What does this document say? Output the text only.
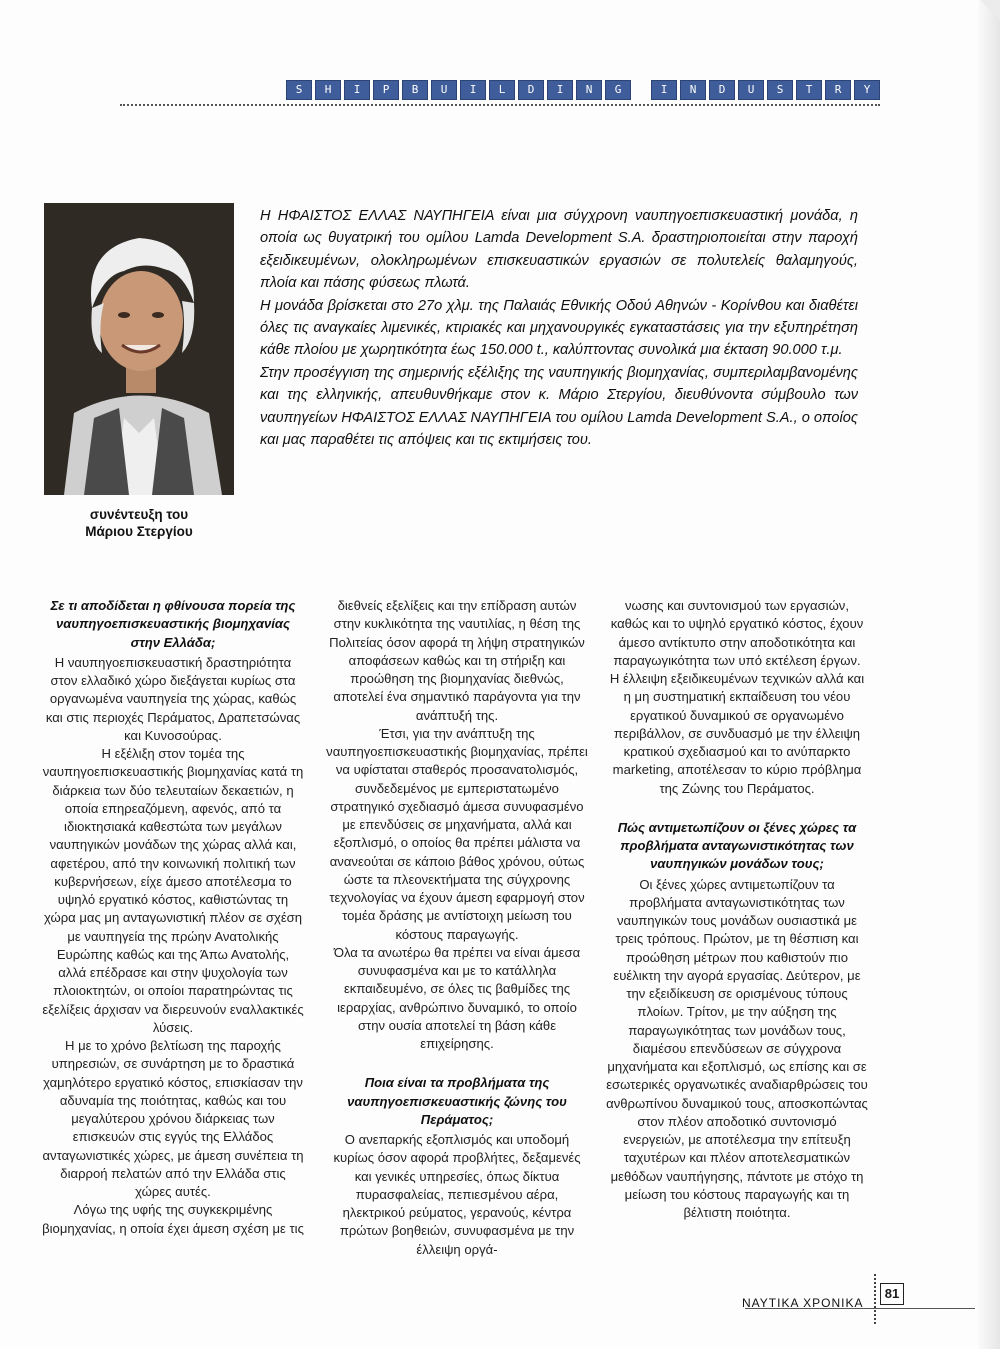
S	H	I	P	B	U	I	L	D	I	N	G	I	N	D	U	S	T	R	Y
συνέντευξη του
Μάριου Στεργίου

Η ΗΦΑΙΣΤΟΣ ΕΛΛΑΣ ΝΑΥΠΗΓΕΙΑ είναι μια σύγχρονη ναυπηγοεπισκευαστική μονάδα, η οποία ως θυγατρική του ομίλου Lamda Development S.A. δραστηριοποιείται στην παροχή εξειδικευμένων, ολοκληρωμένων επισκευαστικών εργασιών σε πολυτελείς θαλαμηγούς, πλοία και πάσης φύσεως πλωτά.

Η μονάδα βρίσκεται στο 27ο χλμ. της Παλαιάς Εθνικής Οδού Αθηνών - Κορίνθου και διαθέτει όλες τις αναγκαίες λιμενικές, κτιριακές και μηχανουργικές εγκαταστάσεις για την εξυπηρέτηση κάθε πλοίου με χωρητικότητα έως 150.000 t., καλύπτοντας συνολικά μια έκταση 90.000 τ.μ.

Στην προσέγγιση της σημερινής εξέλιξης της ναυπηγικής βιομηχανίας, συμπεριλαμβανομένης και της ελληνικής, απευθυνθήκαμε στον κ. Μάριο Στεργίου, διευθύνοντα σύμβουλο των ναυπηγείων ΗΦΑΙΣΤΟΣ ΕΛΛΑΣ ΝΑΥΠΗΓΕΙΑ του ομίλου Lamda Development S.A., ο οποίος και μας παραθέτει τις απόψεις και τις εκτιμήσεις του.

Σε τι αποδίδεται η φθίνουσα πορεία της ναυπηγοεπισκευαστικής βιομηχανίας στην Ελλάδα;

Η ναυπηγοεπισκευαστική δραστηριότητα στον ελλαδικό χώρο διεξάγεται κυρίως στα οργανωμένα ναυπηγεία της χώρας, καθώς και στις περιοχές Περάματος, Δραπετσώνας και Κυνοσούρας.

Η εξέλιξη στον τομέα της ναυπηγοεπισκευαστικής βιομηχανίας κατά τη διάρκεια των δύο τελευταίων δεκαετιών, η οποία επηρεαζόμενη, αφενός, από τα ιδιοκτησιακά καθεστώτα των μεγάλων ναυπηγικών μονάδων της χώρας αλλά και, αφετέρου, από την κοινωνική πολιτική των κυβερνήσεων, είχε άμεσο αποτέλεσμα το υψηλό εργατικό κόστος, καθιστώντας τη χώρα μας μη ανταγωνιστική πλέον σε σχέση με ναυπηγεία της πρώην Ανατολικής Ευρώπης καθώς και της Άπω Ανατολής, αλλά επέδρασε και στην ψυχολογία των πλοιοκτητών, οι οποίοι παρατηρώντας τις εξελίξεις άρχισαν να διερευνούν εναλλακτικές λύσεις.

Η με το χρόνο βελτίωση της παροχής υπηρεσιών, σε συνάρτηση με το δραστικά χαμηλότερο εργατικό κόστος, επισκίασαν την αδυναμία της ποιότητας, καθώς και του μεγαλύτερου χρόνου διάρκειας των επισκευών στις εγγύς της Ελλάδος ανταγωνιστικές χώρες, με άμεση συνέπεια τη διαρροή πελατών από την Ελλάδα στις χώρες αυτές.

Λόγω της υφής της συγκεκριμένης βιομηχανίας, η οποία έχει άμεση σχέση με τις

διεθνείς εξελίξεις και την επίδραση αυτών στην κυκλικότητα της ναυτιλίας, η θέση της Πολιτείας όσον αφορά τη λήψη στρατηγικών αποφάσεων καθώς και τη στήριξη και προώθηση της βιομηχανίας διεθνώς, αποτελεί ένα σημαντικό παράγοντα για την ανάπτυξή της.

Έτσι, για την ανάπτυξη της ναυπηγοεπισκευαστικής βιομηχανίας, πρέπει να υφίσταται σταθερός προσανατολισμός, συνδεδεμένος με εμπεριστατωμένο στρατηγικό σχεδιασμό άμεσα συνυφασμένο με επενδύσεις σε μηχανήματα, αλλά και εξοπλισμό, ο οποίος θα πρέπει μάλιστα να ανανεούται σε κάποιο βάθος χρόνου, ούτως ώστε τα πλεονεκτήματα της σύγχρονης τεχνολογίας να έχουν άμεση εφαρμογή στον τομέα δράσης με αντίστοιχη μείωση του κόστους παραγωγής.

Όλα τα ανωτέρω θα πρέπει να είναι άμεσα συνυφασμένα και με το κατάλληλα εκπαιδευμένο, σε όλες τις βαθμίδες της ιεραρχίας, ανθρώπινο δυναμικό, το οποίο στην ουσία αποτελεί τη βάση κάθε επιχείρησης.

Ποια είναι τα προβλήματα της ναυπηγοεπισκευαστικής ζώνης του Περάματος;

Ο ανεπαρκής εξοπλισμός και υποδομή κυρίως όσον αφορά προβλήτες, δεξαμενές και γενικές υπηρεσίες, όπως δίκτυα πυρασφαλείας, πεπιεσμένου αέρα, ηλεκτρικού ρεύματος, γερανούς, κέντρα πρώτων βοηθειών, συνυφασμένα με την έλλειψη οργά-

νωσης και συντονισμού των εργασιών, καθώς και το υψηλό εργατικό κόστος, έχουν άμεσο αντίκτυπο στην αποδοτικότητα και παραγωγικότητα των υπό εκτέλεση έργων.

Η έλλειψη εξειδικευμένων τεχνικών αλλά και η μη συστηματική εκπαίδευση του νέου εργατικού δυναμικού σε οργανωμένο περιβάλλον, σε συνδυασμό με την έλλειψη κρατικού σχεδιασμού και το ανύπαρκτο marketing, αποτέλεσαν το κύριο πρόβλημα της Ζώνης του Περάματος.

Πώς αντιμετωπίζουν οι ξένες χώρες τα προβλήματα ανταγωνιστικότητας των ναυπηγικών μονάδων τους;

Οι ξένες χώρες αντιμετωπίζουν τα προβλήματα ανταγωνιστικότητας των ναυπηγικών τους μονάδων ουσιαστικά με τρεις τρόπους. Πρώτον, με τη θέσπιση και προώθηση μέτρων που καθιστούν πιο ευέλικτη την αγορά εργασίας. Δεύτερον, με την εξειδίκευση σε ορισμένους τύπους πλοίων. Τρίτον, με την αύξηση της παραγωγικότητας των μονάδων τους, διαμέσου επενδύσεων σε σύγχρονα μηχανήματα και εξοπλισμό, ως επίσης και σε εσωτερικές οργανωτικές αναδιαρθρώσεις του ανθρωπίνου δυναμικού τους, αποσκοπώντας στον πλέον αποδοτικό συντονισμό ενεργειών, με αποτέλεσμα την επίτευξη ταχυτέρων και πλέον αποτελεσματικών μεθόδων ναυπήγησης, πάντοτε με στόχο τη μείωση του κόστους παραγωγής και τη βέλτιστη ποιότητα.

ΝΑΥΤΙΚΑ ΧΡΟΝΙΚΑ
81
